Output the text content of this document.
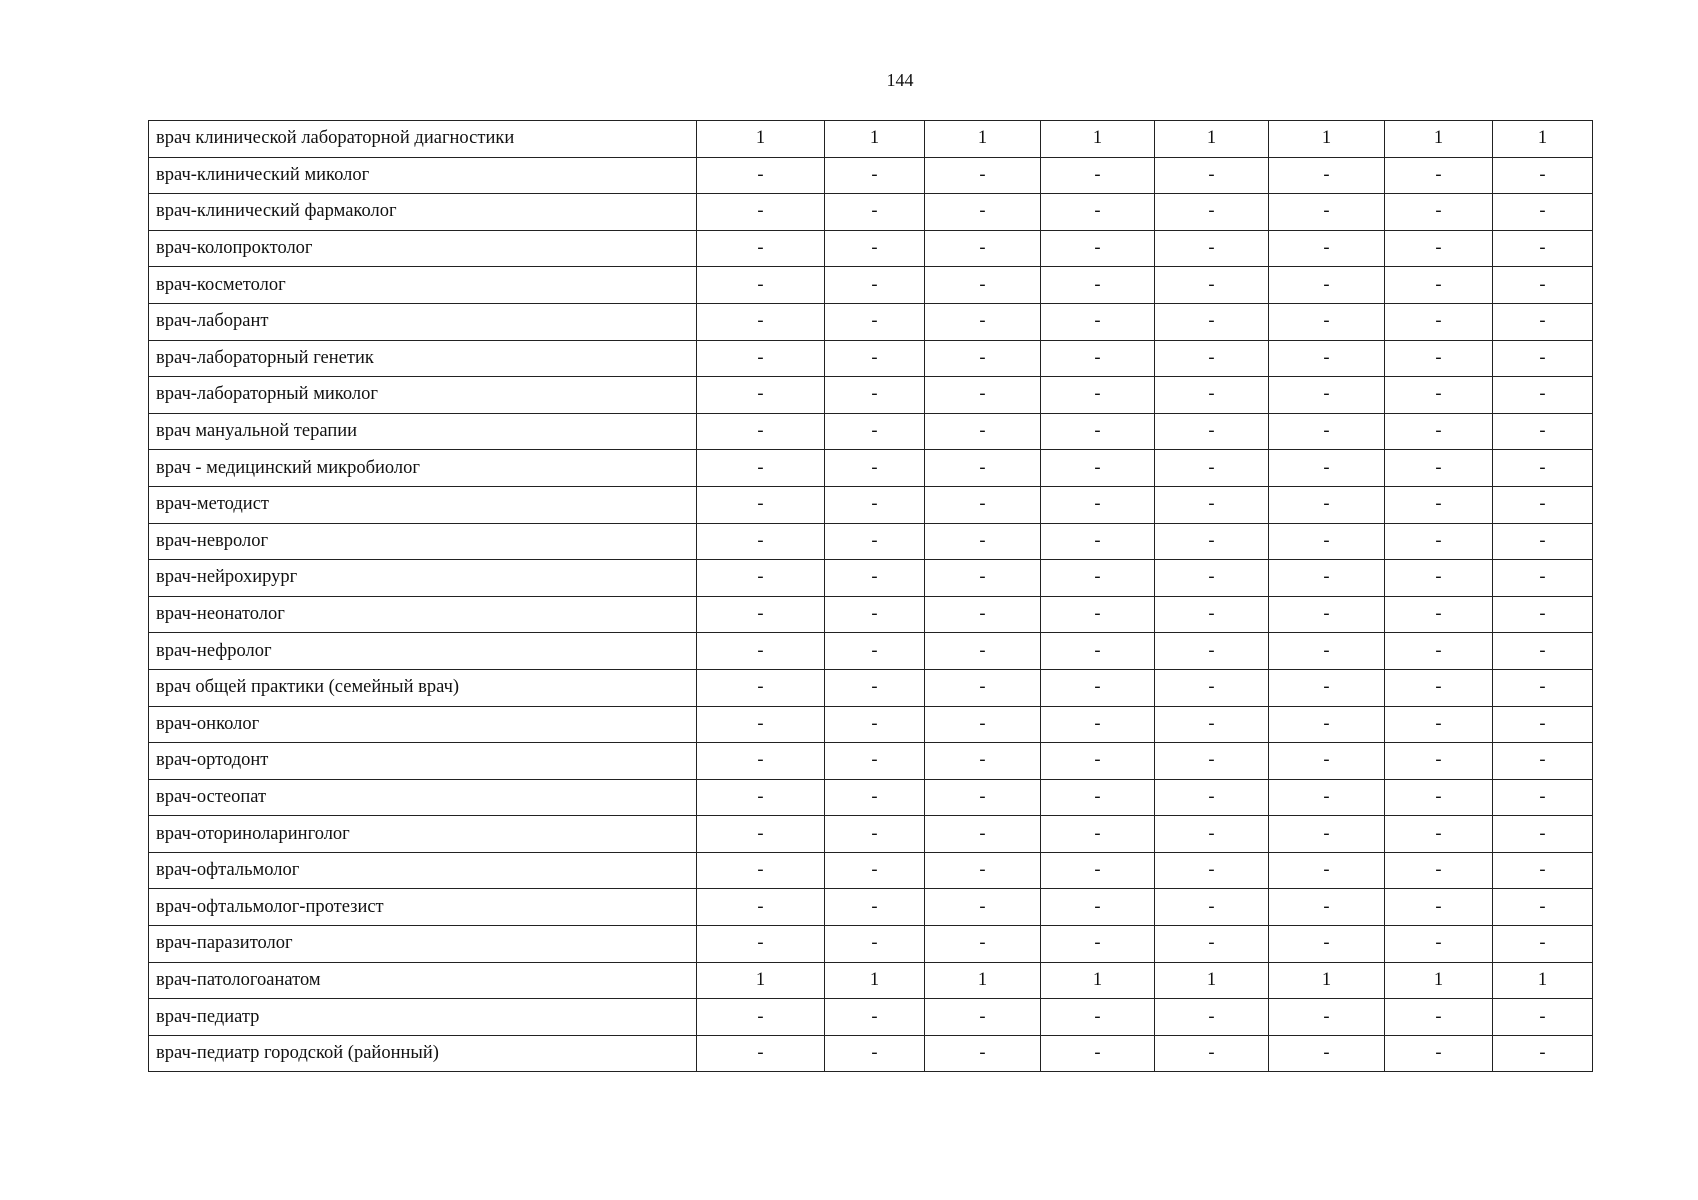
144
врач клинической лабораторной диагностики	1	1	1	1	1	1	1	1
врач-клинический миколог	-	-	-	-	-	-	-	-
врач-клинический фармаколог	-	-	-	-	-	-	-	-
врач-колопроктолог	-	-	-	-	-	-	-	-
врач-косметолог	-	-	-	-	-	-	-	-
врач-лаборант	-	-	-	-	-	-	-	-
врач-лабораторный генетик	-	-	-	-	-	-	-	-
врач-лабораторный миколог	-	-	-	-	-	-	-	-
врач мануальной терапии	-	-	-	-	-	-	-	-
врач - медицинский микробиолог	-	-	-	-	-	-	-	-
врач-методист	-	-	-	-	-	-	-	-
врач-невролог	-	-	-	-	-	-	-	-
врач-нейрохирург	-	-	-	-	-	-	-	-
врач-неонатолог	-	-	-	-	-	-	-	-
врач-нефролог	-	-	-	-	-	-	-	-
врач общей практики (семейный врач)	-	-	-	-	-	-	-	-
врач-онколог	-	-	-	-	-	-	-	-
врач-ортодонт	-	-	-	-	-	-	-	-
врач-остеопат	-	-	-	-	-	-	-	-
врач-оториноларинголог	-	-	-	-	-	-	-	-
врач-офтальмолог	-	-	-	-	-	-	-	-
врач-офтальмолог-протезист	-	-	-	-	-	-	-	-
врач-паразитолог	-	-	-	-	-	-	-	-
врач-патологоанатом	1	1	1	1	1	1	1	1
врач-педиатр	-	-	-	-	-	-	-	-
врач-педиатр городской (районный)	-	-	-	-	-	-	-	-
